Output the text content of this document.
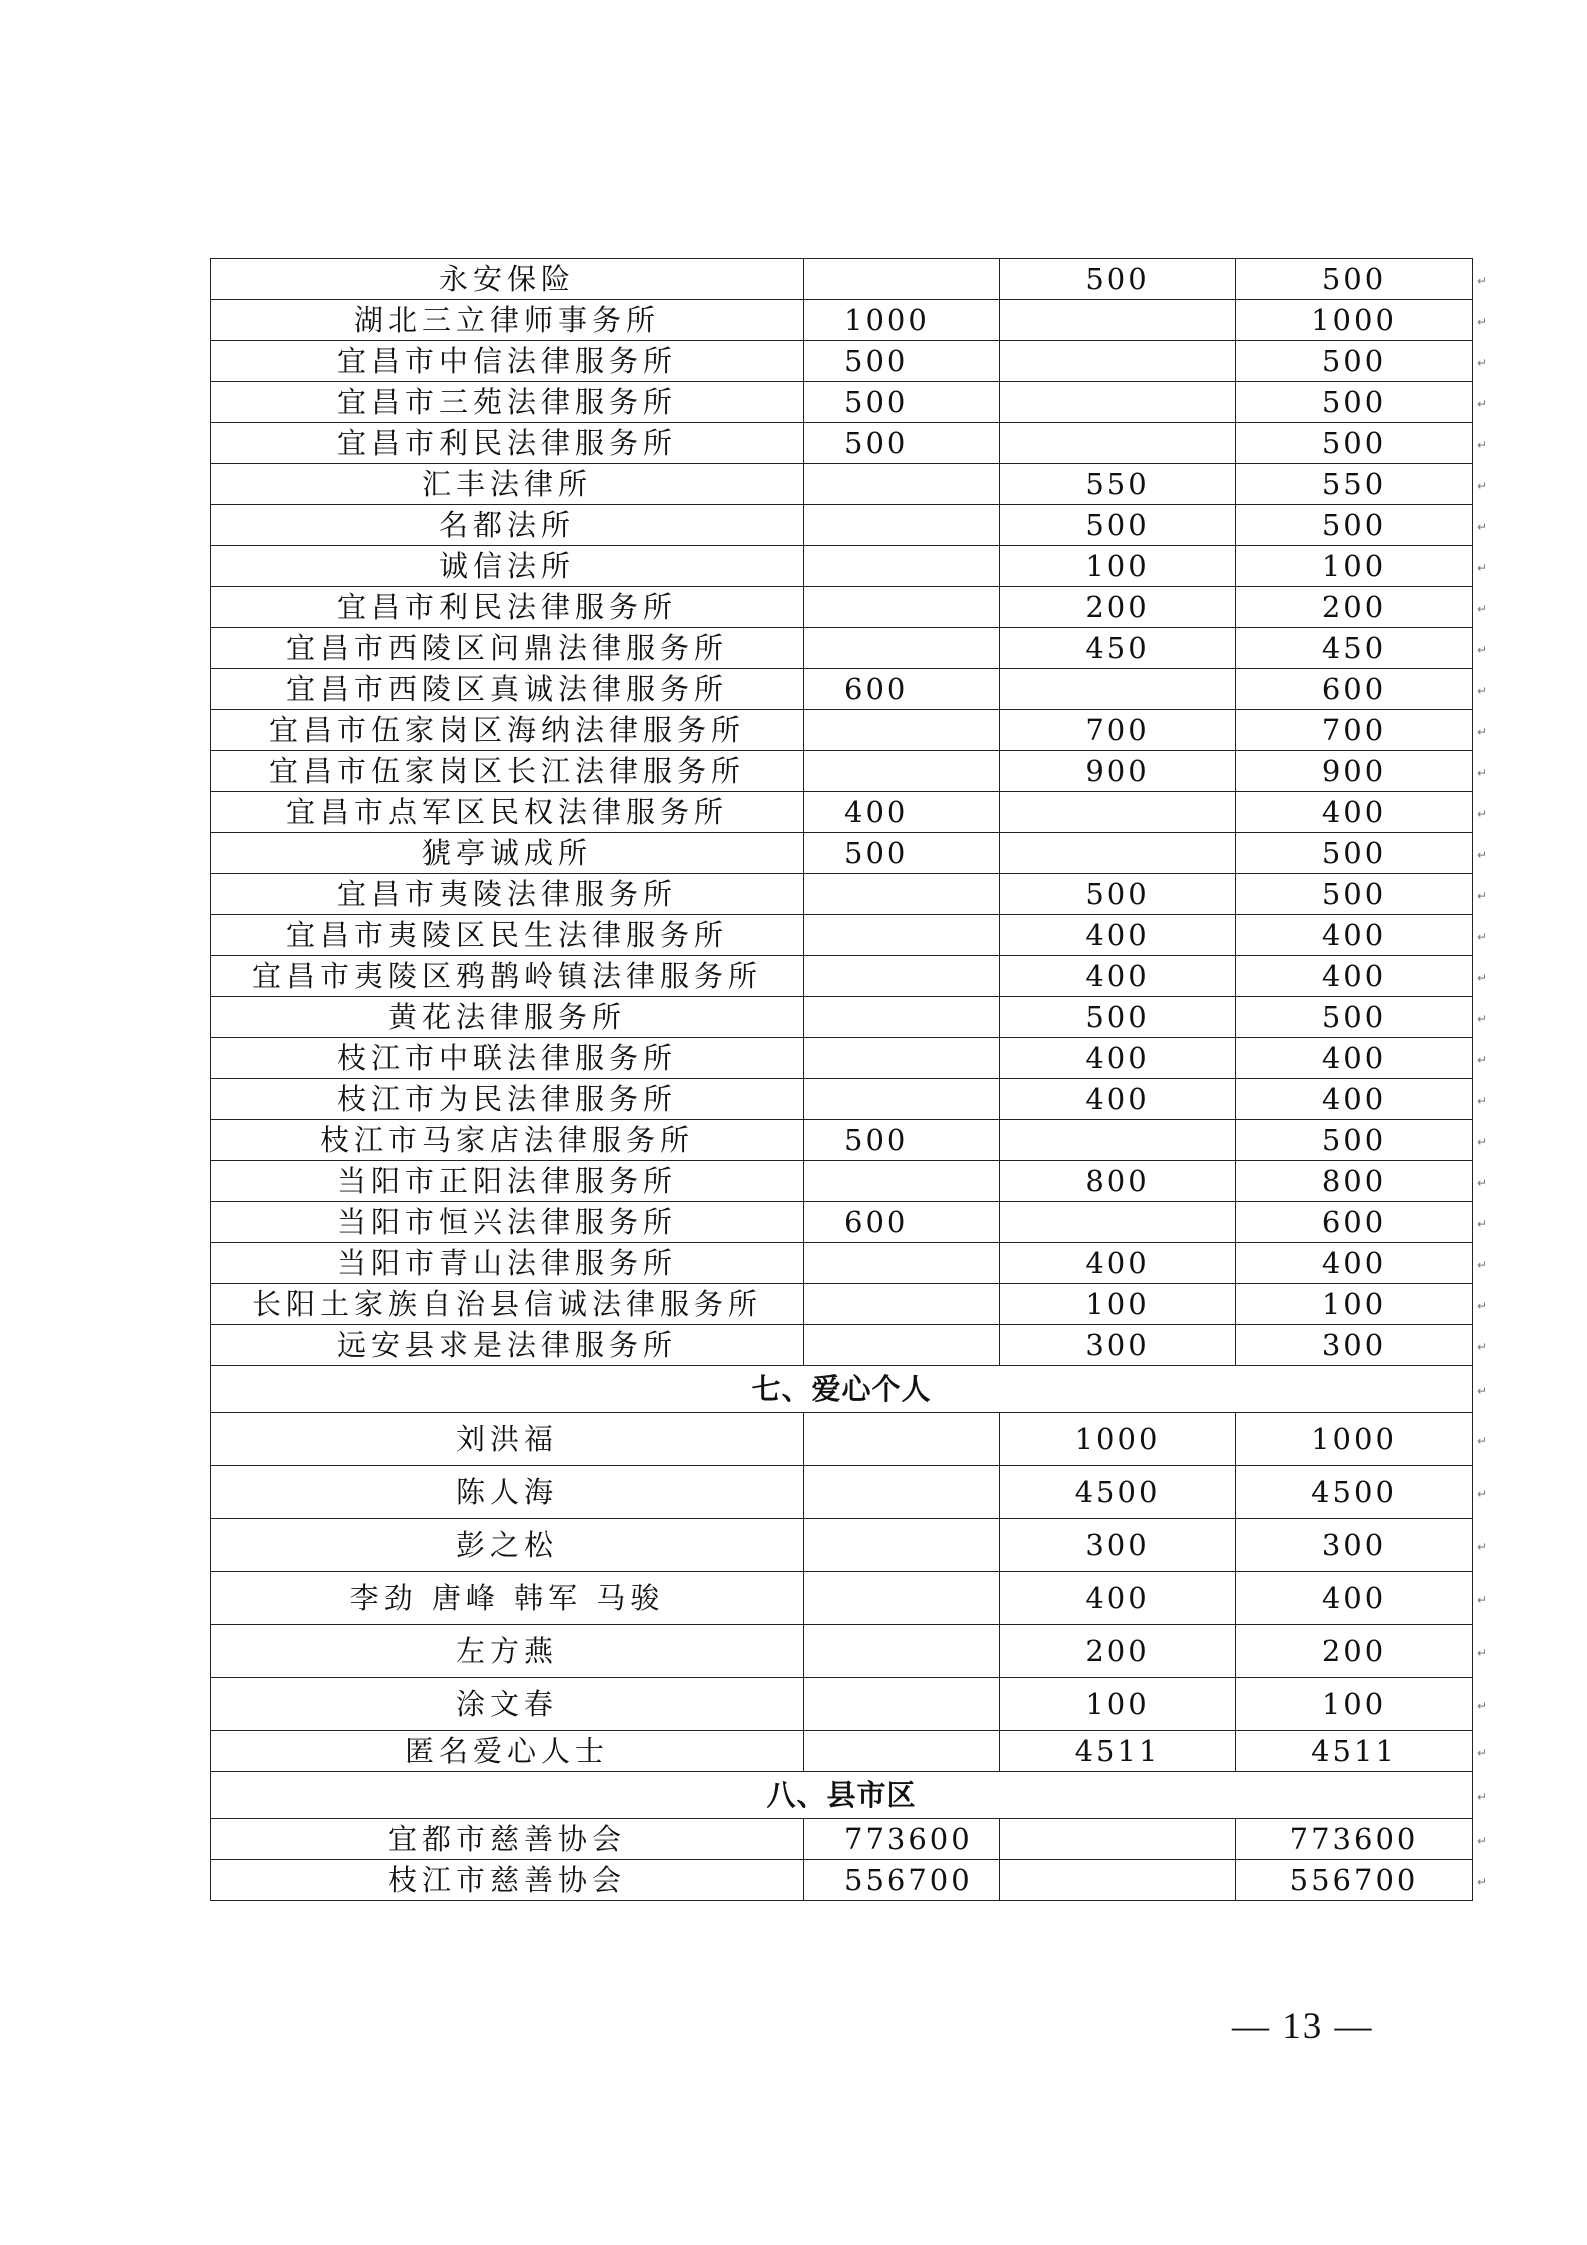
永安保险		500	500
湖北三立律师事务所	1000		1000
宜昌市中信法律服务所	500		500
宜昌市三苑法律服务所	500		500
宜昌市利民法律服务所	500		500
汇丰法律所		550	550
名都法所		500	500
诚信法所		100	100
宜昌市利民法律服务所		200	200
宜昌市西陵区问鼎法律服务所		450	450
宜昌市西陵区真诚法律服务所	600		600
宜昌市伍家岗区海纳法律服务所		700	700
宜昌市伍家岗区长江法律服务所		900	900
宜昌市点军区民权法律服务所	400		400
猇亭诚成所	500		500
宜昌市夷陵法律服务所		500	500
宜昌市夷陵区民生法律服务所		400	400
宜昌市夷陵区鸦鹊岭镇法律服务所		400	400
黄花法律服务所		500	500
枝江市中联法律服务所		400	400
枝江市为民法律服务所		400	400
枝江市马家店法律服务所	500		500
当阳市正阳法律服务所		800	800
当阳市恒兴法律服务所	600		600
当阳市青山法律服务所		400	400
长阳土家族自治县信诚法律服务所		100	100
远安县求是法律服务所		300	300
七、爱心个人			
刘洪福		1000	1000
陈人海		4500	4500
彭之松		300	300
李劲 唐峰 韩军 马骏		400	400
左方燕		200	200
涂文春		100	100
匿名爱心人士		4511	4511
八、县市区			
宜都市慈善协会	773600		773600
枝江市慈善协会	556700		556700
— 13 —
↵
↵
↵
↵
↵
↵
↵
↵
↵
↵
↵
↵
↵
↵
↵
↵
↵
↵
↵
↵
↵
↵
↵
↵
↵
↵
↵
↵
↵
↵
↵
↵
↵
↵
↵
↵
↵
↵
